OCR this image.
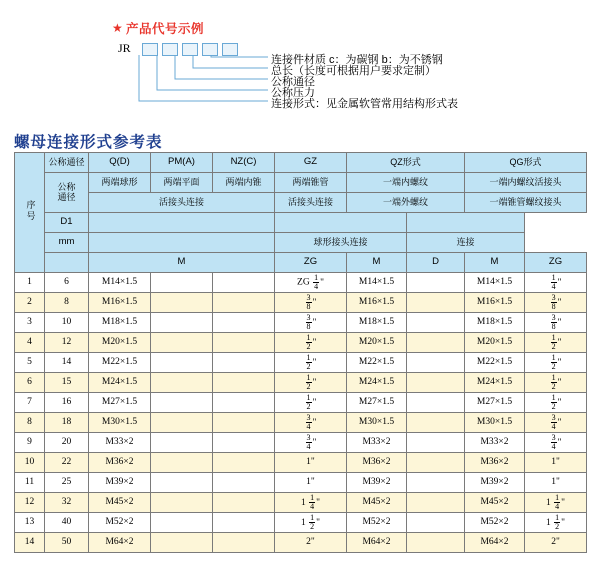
★ 产品代号示例
JR
连接件材质 c：为碳钢 b：为不锈钢
总长（长度可根据用户要求定制）
公称通径
公称压力
连接形式：见金属软管常用结构形式表
螺母连接形式参考表
序号	公称通径	Q(D)	PM(A)	NZ(C)	GZ	QZ形式		QG形式	
	公称
通径	两端球形	两端平面	两端内锥	两端锥管	一端内螺纹		一端内螺纹活接头	
		活接头连接			活接头连接	一端外螺纹		一端锥管螺纹接头	
	D1								
	mm				球形接头连接		连接		
		M			ZG	M	D	M	ZG
1	6	M14×1.5			ZG $\frac{1}{4}$ "	M14×1.5		M14×1.5	$\frac{1}{4}$ "
2	8	M16×1.5			$\frac{3}{8}$ "	M16×1.5		M16×1.5	$\frac{3}{8}$ "
3	10	M18×1.5			$\frac{3}{8}$ "	M18×1.5		M18×1.5	$\frac{3}{8}$ "
4	12	M20×1.5			$\frac{1}{2}$ "	M20×1.5		M20×1.5	$\frac{1}{2}$ "
5	14	M22×1.5			$\frac{1}{2}$ "	M22×1.5		M22×1.5	$\frac{1}{2}$ "
6	15	M24×1.5			$\frac{1}{2}$ "	M24×1.5		M24×1.5	$\frac{1}{2}$ "
7	16	M27×1.5			$\frac{1}{2}$ "	M27×1.5		M27×1.5	$\frac{1}{2}$ "
8	18	M30×1.5			$\frac{3}{4}$ "	M30×1.5		M30×1.5	$\frac{3}{4}$ "
9	20	M33×2			$\frac{3}{4}$ "	M33×2		M33×2	$\frac{3}{4}$ "
10	22	M36×2			1"	M36×2		M36×2	1"
11	25	M39×2			1"	M39×2		M39×2	1"
12	32	M45×2			$1 \frac{1}{4}$ "	M45×2		M45×2	$1 \frac{1}{4}$ "
13	40	M52×2			$1 \frac{1}{2}$ "	M52×2		M52×2	$1 \frac{1}{2}$ "
14	50	M64×2			2"	M64×2		M64×2	2"
